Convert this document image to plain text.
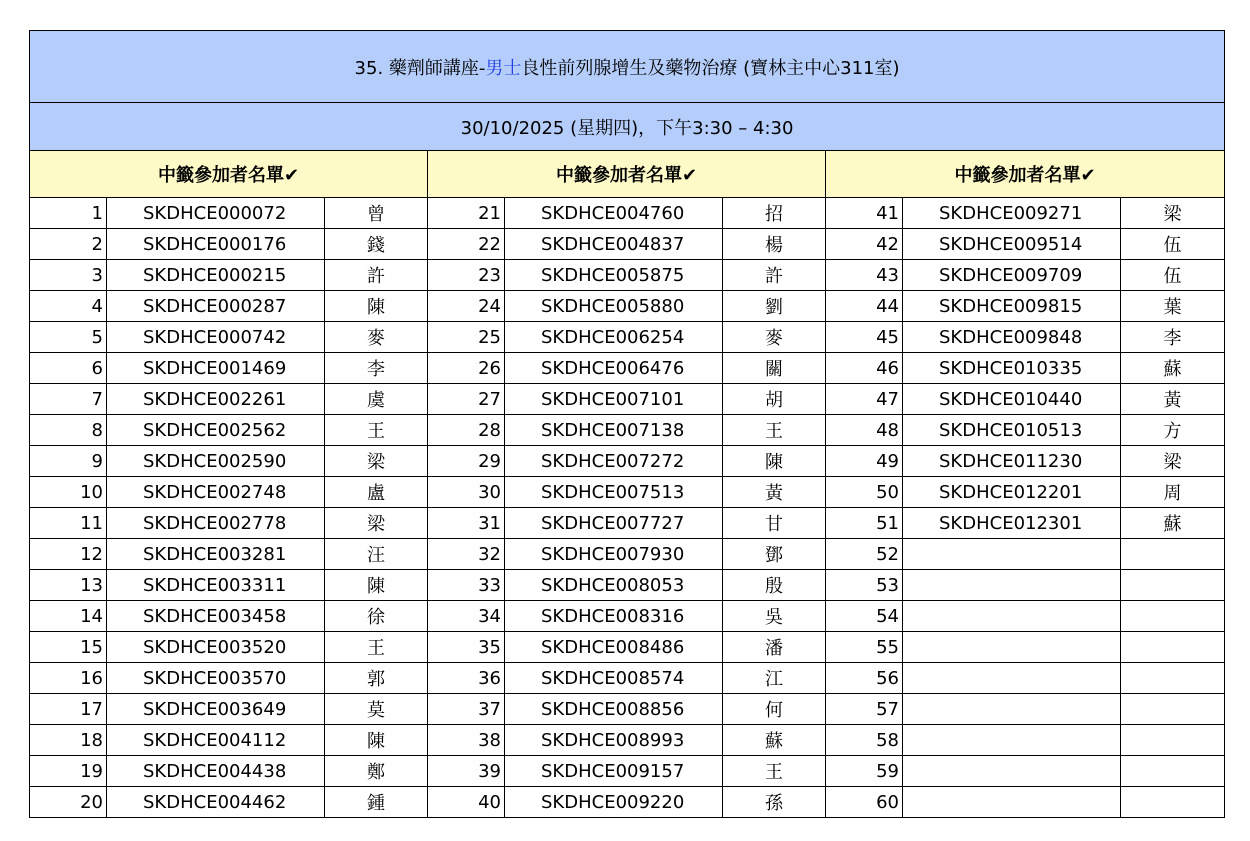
35. 藥劑師講座-男士良性前列腺增生及藥物治療 (寶林主中心311室)								
30/10/2025 (星期四)，下午3:30 – 4:30								
中籤參加者名單✔			中籤參加者名單✔			中籤參加者名單✔		
1	SKDHCE000072	曾	21	SKDHCE004760	招	41	SKDHCE009271	梁
2	SKDHCE000176	錢	22	SKDHCE004837	楊	42	SKDHCE009514	伍
3	SKDHCE000215	許	23	SKDHCE005875	許	43	SKDHCE009709	伍
4	SKDHCE000287	陳	24	SKDHCE005880	劉	44	SKDHCE009815	葉
5	SKDHCE000742	麥	25	SKDHCE006254	麥	45	SKDHCE009848	李
6	SKDHCE001469	李	26	SKDHCE006476	關	46	SKDHCE010335	蘇
7	SKDHCE002261	虞	27	SKDHCE007101	胡	47	SKDHCE010440	黃
8	SKDHCE002562	王	28	SKDHCE007138	王	48	SKDHCE010513	方
9	SKDHCE002590	梁	29	SKDHCE007272	陳	49	SKDHCE011230	梁
10	SKDHCE002748	盧	30	SKDHCE007513	黃	50	SKDHCE012201	周
11	SKDHCE002778	梁	31	SKDHCE007727	甘	51	SKDHCE012301	蘇
12	SKDHCE003281	汪	32	SKDHCE007930	鄧	52		
13	SKDHCE003311	陳	33	SKDHCE008053	殷	53		
14	SKDHCE003458	徐	34	SKDHCE008316	吳	54		
15	SKDHCE003520	王	35	SKDHCE008486	潘	55		
16	SKDHCE003570	郭	36	SKDHCE008574	江	56		
17	SKDHCE003649	莫	37	SKDHCE008856	何	57		
18	SKDHCE004112	陳	38	SKDHCE008993	蘇	58		
19	SKDHCE004438	鄭	39	SKDHCE009157	王	59		
20	SKDHCE004462	鍾	40	SKDHCE009220	孫	60		
